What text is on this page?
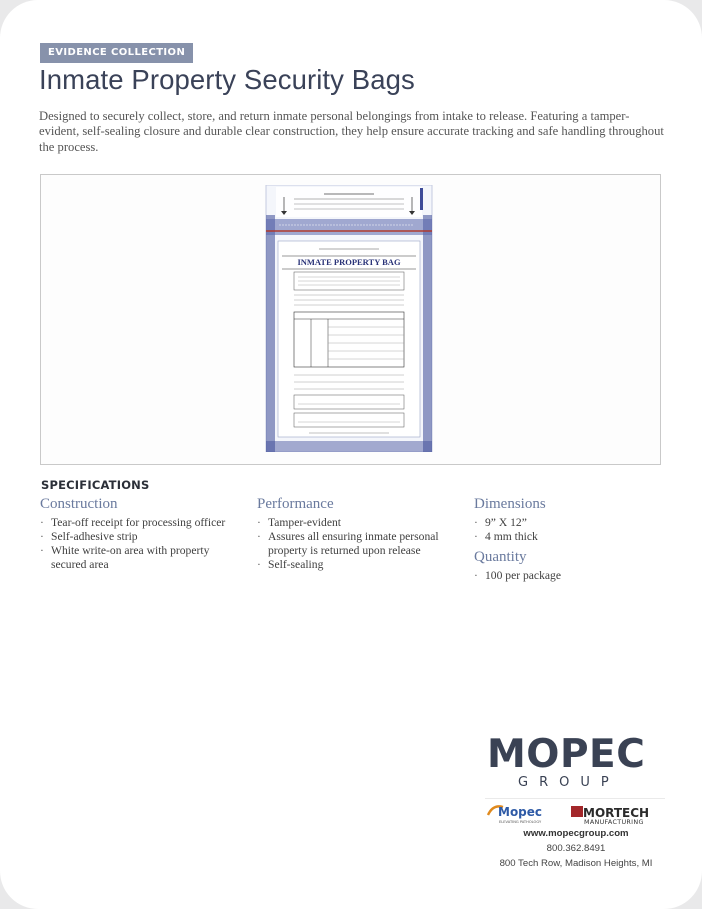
EVIDENCE COLLECTION
Inmate Property Security Bags

Designed to securely collect, store, and return inmate personal belongings from intake to release. Featuring a tamper-evident, self-sealing closure and durable clear construction, they help ensure accurate tracking and safe handling throughout the process.

INMATE PROPERTY BAG
SPECIFICATIONS
Construction
· Tear-off receipt for processing officer
· Self-adhesive strip
· White write-on area with property secured area
Performance
· Tamper-evident
· Assures all ensuring inmate personal property is returned upon release
· Self-sealing
Dimensions
· 9” X 12”
· 4 mm thick
Quantity
· 100 per package
MOPEC
GROUP
Mopec
ELEVATING PATHOLOGY
MORTECH
MANUFACTURING
www.mopecgroup.com
800.362.8491
800 Tech Row, Madison Heights, MI
